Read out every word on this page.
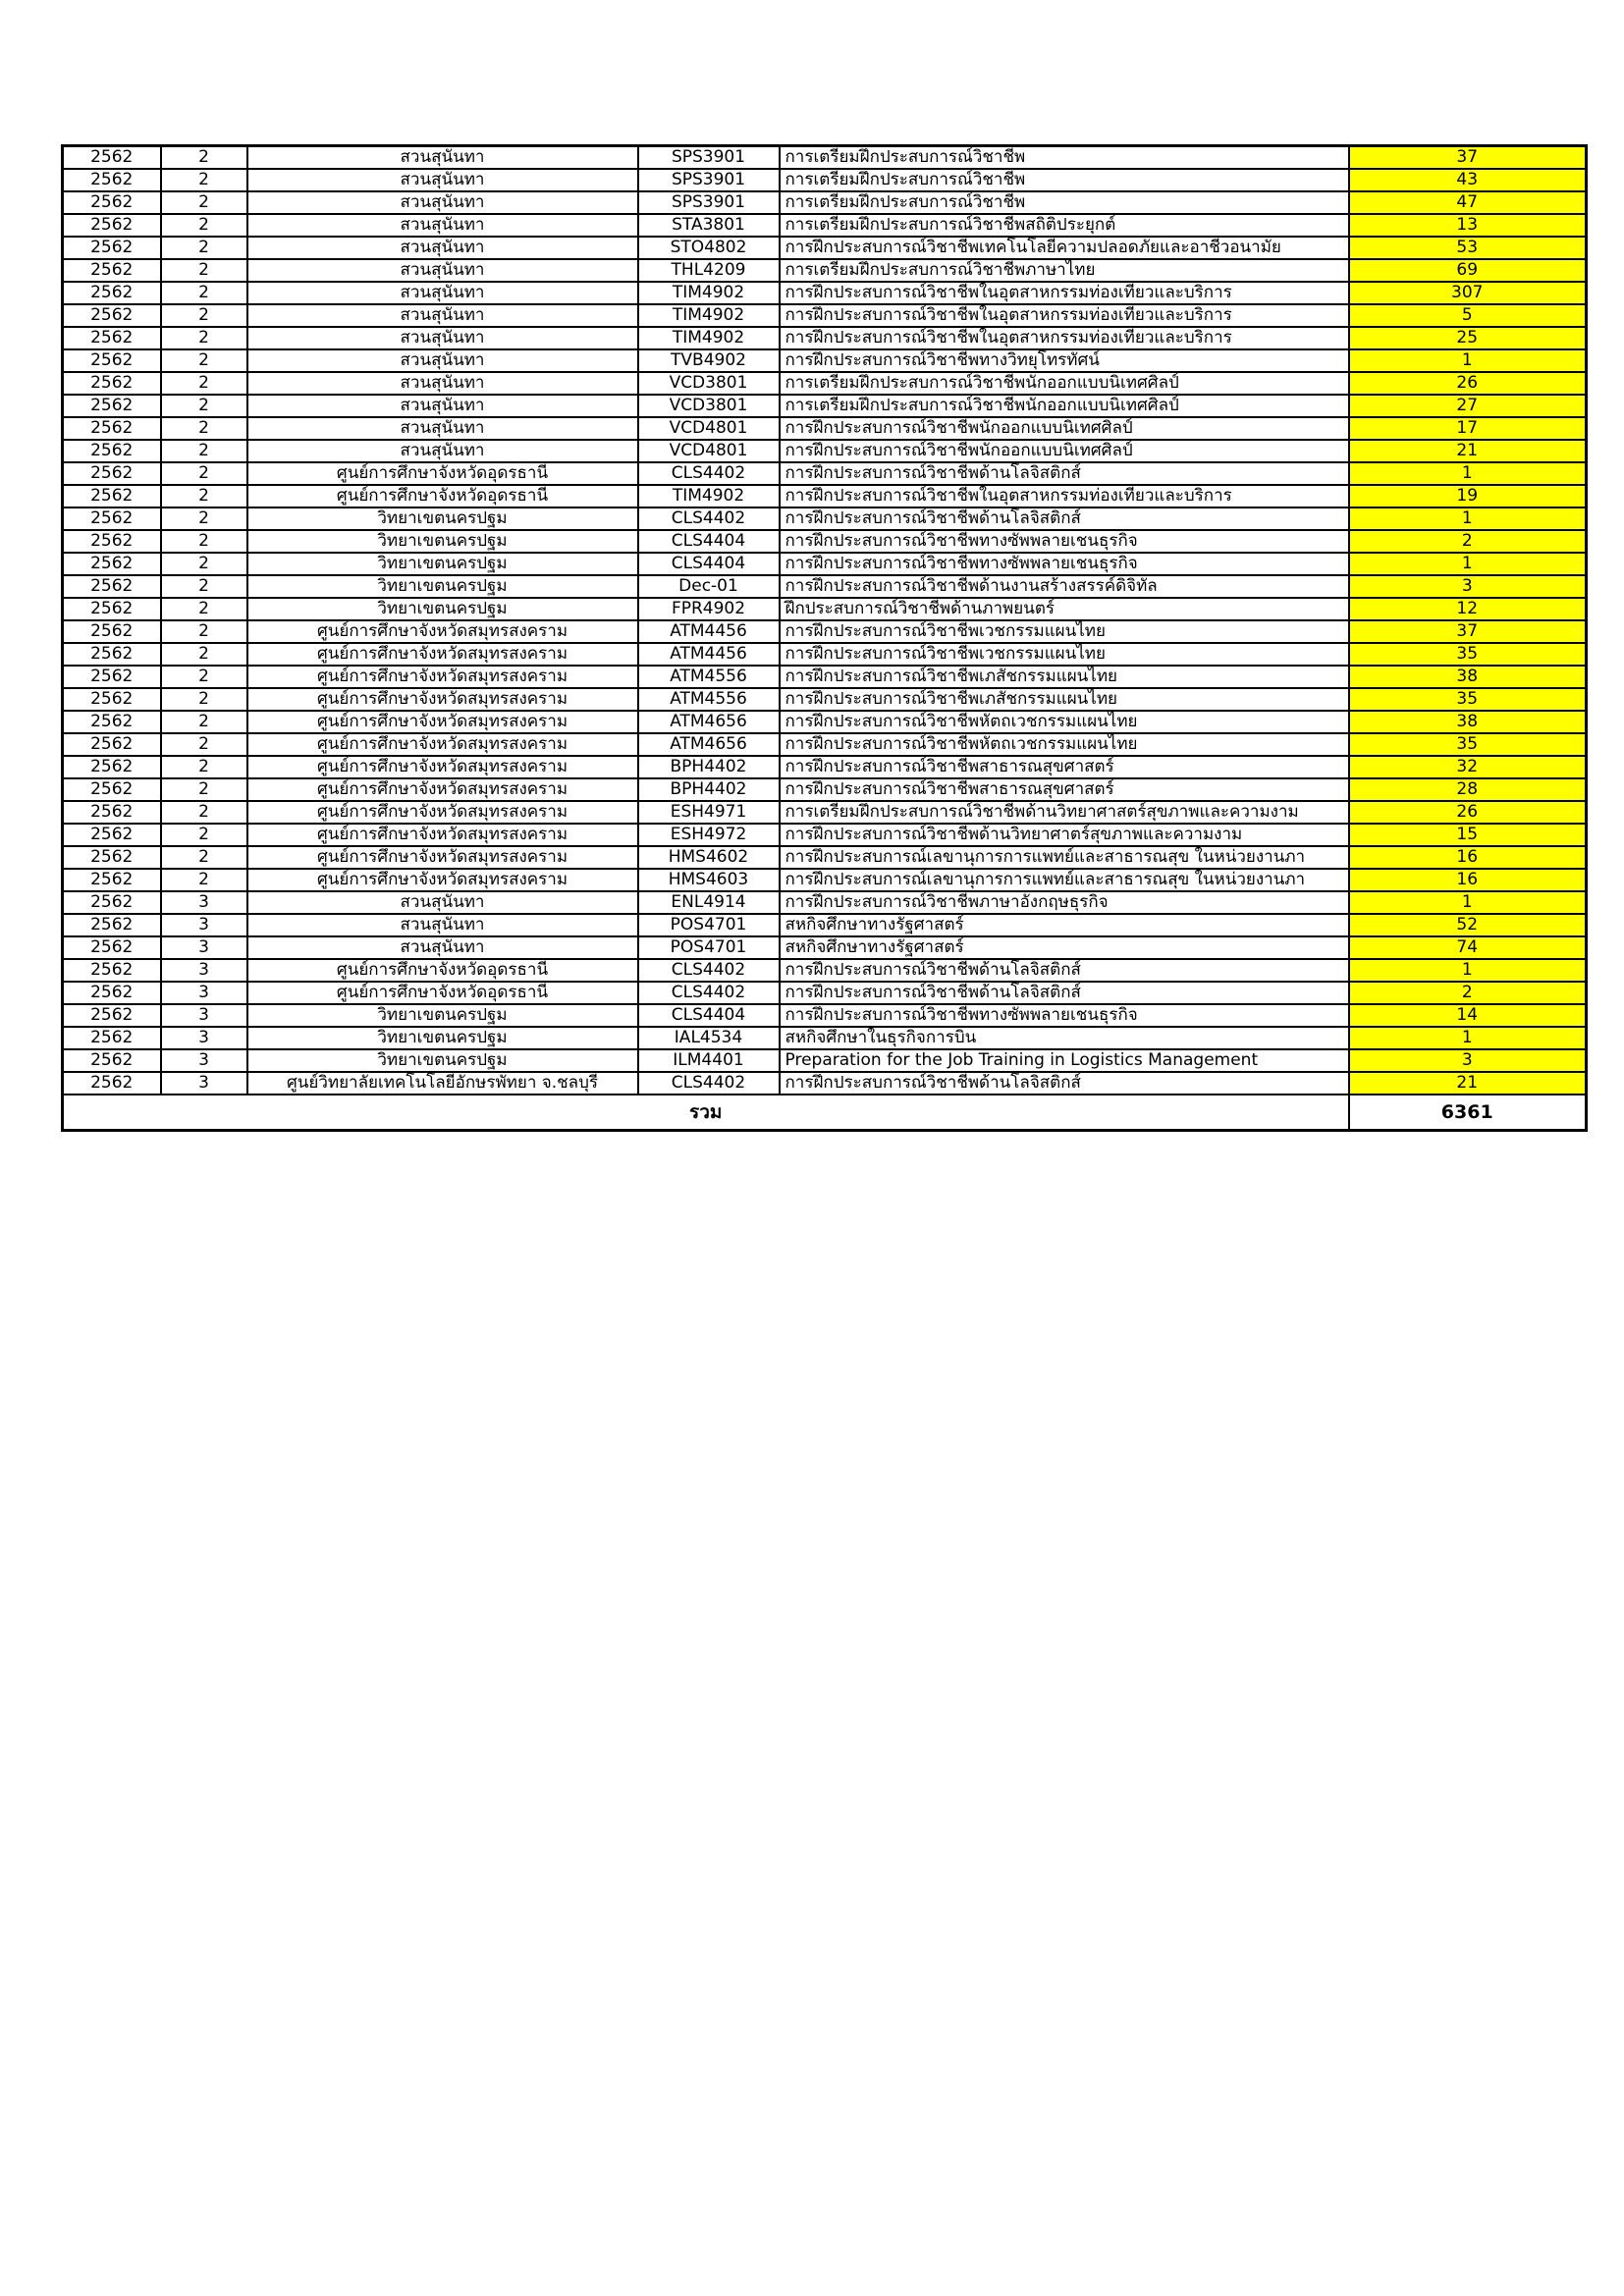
2562	2	สวนสุนันทา	SPS3901	การเตรียมฝึกประสบการณ์วิชาชีพ	37
2562	2	สวนสุนันทา	SPS3901	การเตรียมฝึกประสบการณ์วิชาชีพ	43
2562	2	สวนสุนันทา	SPS3901	การเตรียมฝึกประสบการณ์วิชาชีพ	47
2562	2	สวนสุนันทา	STA3801	การเตรียมฝึกประสบการณ์วิชาชีพสถิติประยุกต์	13
2562	2	สวนสุนันทา	STO4802	การฝึกประสบการณ์วิชาชีพเทคโนโลยีความปลอดภัยและอาชีวอนามัย	53
2562	2	สวนสุนันทา	THL4209	การเตรียมฝึกประสบการณ์วิชาชีพภาษาไทย	69
2562	2	สวนสุนันทา	TIM4902	การฝึกประสบการณ์วิชาชีพในอุตสาหกรรมท่องเที่ยวและบริการ	307
2562	2	สวนสุนันทา	TIM4902	การฝึกประสบการณ์วิชาชีพในอุตสาหกรรมท่องเที่ยวและบริการ	5
2562	2	สวนสุนันทา	TIM4902	การฝึกประสบการณ์วิชาชีพในอุตสาหกรรมท่องเที่ยวและบริการ	25
2562	2	สวนสุนันทา	TVB4902	การฝึกประสบการณ์วิชาชีพทางวิทยุโทรทัศน์	1
2562	2	สวนสุนันทา	VCD3801	การเตรียมฝึกประสบการณ์วิชาชีพนักออกแบบนิเทศศิลป์	26
2562	2	สวนสุนันทา	VCD3801	การเตรียมฝึกประสบการณ์วิชาชีพนักออกแบบนิเทศศิลป์	27
2562	2	สวนสุนันทา	VCD4801	การฝึกประสบการณ์วิชาชีพนักออกแบบนิเทศศิลป์	17
2562	2	สวนสุนันทา	VCD4801	การฝึกประสบการณ์วิชาชีพนักออกแบบนิเทศศิลป์	21
2562	2	ศูนย์การศึกษาจังหวัดอุดรธานี	CLS4402	การฝึกประสบการณ์วิชาชีพด้านโลจิสติกส์	1
2562	2	ศูนย์การศึกษาจังหวัดอุดรธานี	TIM4902	การฝึกประสบการณ์วิชาชีพในอุตสาหกรรมท่องเที่ยวและบริการ	19
2562	2	วิทยาเขตนครปฐม	CLS4402	การฝึกประสบการณ์วิชาชีพด้านโลจิสติกส์	1
2562	2	วิทยาเขตนครปฐม	CLS4404	การฝึกประสบการณ์วิชาชีพทางซัพพลายเชนธุรกิจ	2
2562	2	วิทยาเขตนครปฐม	CLS4404	การฝึกประสบการณ์วิชาชีพทางซัพพลายเชนธุรกิจ	1
2562	2	วิทยาเขตนครปฐม	Dec-01	การฝึกประสบการณ์วิชาชีพด้านงานสร้างสรรค์ดิจิทัล	3
2562	2	วิทยาเขตนครปฐม	FPR4902	ฝึกประสบการณ์วิชาชีพด้านภาพยนตร์	12
2562	2	ศูนย์การศึกษาจังหวัดสมุทรสงคราม	ATM4456	การฝึกประสบการณ์วิชาชีพเวชกรรมแผนไทย	37
2562	2	ศูนย์การศึกษาจังหวัดสมุทรสงคราม	ATM4456	การฝึกประสบการณ์วิชาชีพเวชกรรมแผนไทย	35
2562	2	ศูนย์การศึกษาจังหวัดสมุทรสงคราม	ATM4556	การฝึกประสบการณ์วิชาชีพเภสัชกรรมแผนไทย	38
2562	2	ศูนย์การศึกษาจังหวัดสมุทรสงคราม	ATM4556	การฝึกประสบการณ์วิชาชีพเภสัชกรรมแผนไทย	35
2562	2	ศูนย์การศึกษาจังหวัดสมุทรสงคราม	ATM4656	การฝึกประสบการณ์วิชาชีพหัตถเวชกรรมแผนไทย	38
2562	2	ศูนย์การศึกษาจังหวัดสมุทรสงคราม	ATM4656	การฝึกประสบการณ์วิชาชีพหัตถเวชกรรมแผนไทย	35
2562	2	ศูนย์การศึกษาจังหวัดสมุทรสงคราม	BPH4402	การฝึกประสบการณ์วิชาชีพสาธารณสุขศาสตร์	32
2562	2	ศูนย์การศึกษาจังหวัดสมุทรสงคราม	BPH4402	การฝึกประสบการณ์วิชาชีพสาธารณสุขศาสตร์	28
2562	2	ศูนย์การศึกษาจังหวัดสมุทรสงคราม	ESH4971	การเตรียมฝึกประสบการณ์วิชาชีพด้านวิทยาศาสตร์สุขภาพและความงาม	26
2562	2	ศูนย์การศึกษาจังหวัดสมุทรสงคราม	ESH4972	การฝึกประสบการณ์วิชาชีพด้านวิทยาศาตร์สุขภาพและความงาม	15
2562	2	ศูนย์การศึกษาจังหวัดสมุทรสงคราม	HMS4602	การฝึกประสบการณ์เลขานุการการแพทย์และสาธารณสุข ในหน่วยงานภา	16
2562	2	ศูนย์การศึกษาจังหวัดสมุทรสงคราม	HMS4603	การฝึกประสบการณ์เลขานุการการแพทย์และสาธารณสุข ในหน่วยงานภา	16
2562	3	สวนสุนันทา	ENL4914	การฝึกประสบการณ์วิชาชีพภาษาอังกฤษธุรกิจ	1
2562	3	สวนสุนันทา	POS4701	สหกิจศึกษาทางรัฐศาสตร์	52
2562	3	สวนสุนันทา	POS4701	สหกิจศึกษาทางรัฐศาสตร์	74
2562	3	ศูนย์การศึกษาจังหวัดอุดรธานี	CLS4402	การฝึกประสบการณ์วิชาชีพด้านโลจิสติกส์	1
2562	3	ศูนย์การศึกษาจังหวัดอุดรธานี	CLS4402	การฝึกประสบการณ์วิชาชีพด้านโลจิสติกส์	2
2562	3	วิทยาเขตนครปฐม	CLS4404	การฝึกประสบการณ์วิชาชีพทางซัพพลายเชนธุรกิจ	14
2562	3	วิทยาเขตนครปฐม	IAL4534	สหกิจศึกษาในธุรกิจการบิน	1
2562	3	วิทยาเขตนครปฐม	ILM4401	Preparation for the Job Training in Logistics Management	3
2562	3	ศูนย์วิทยาลัยเทคโนโลยีอักษรพัทยา จ.ชลบุรี	CLS4402	การฝึกประสบการณ์วิชาชีพด้านโลจิสติกส์	21
รวม					6361
